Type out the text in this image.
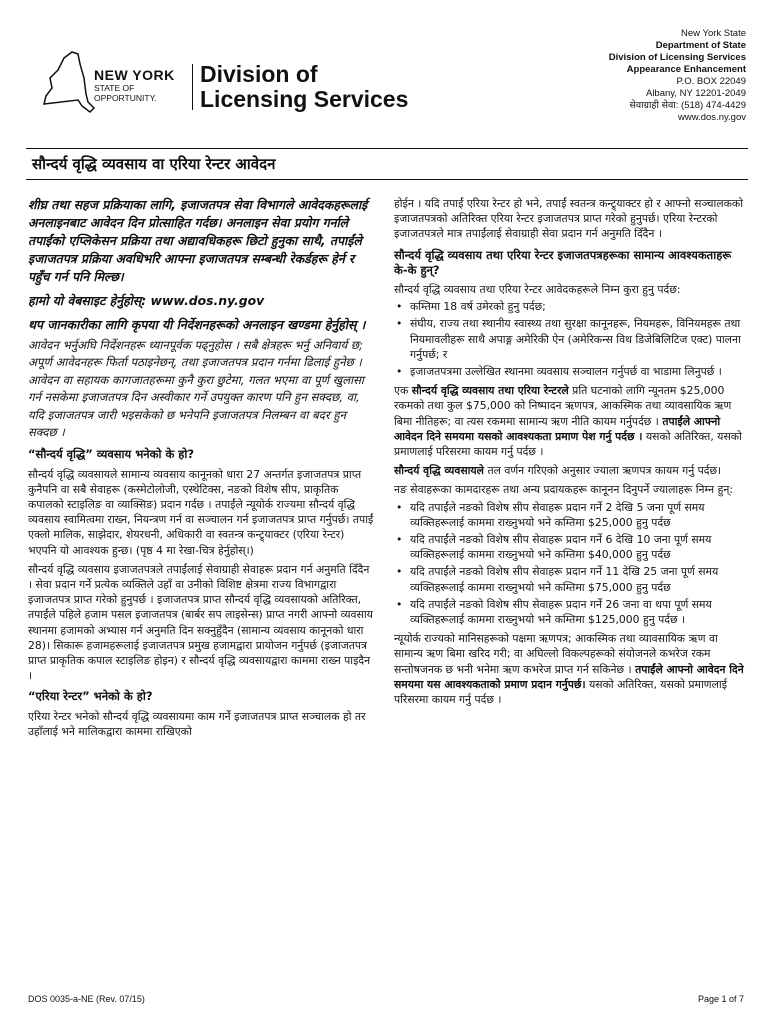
NEW YORK
STATE OF
OPPORTUNITY.
Division of
Licensing Services
New York State
Department of State
Division of Licensing Services
Appearance Enhancement
P.O. BOX 22049
Albany, NY 12201-2049
सेवाग्राही सेवा: (518) 474-4429
www.dos.ny.gov
सौन्दर्य वृद्धि व्यवसाय वा एरिया रेन्टर आवेदन
शीघ्र तथा सहज प्रक्रियाका लागि, इजाजतपत्र सेवा विभागले आवेदकहरूलाई अनलाइनबाट आवेदन दिन प्रोत्साहित गर्दछ। अनलाइन सेवा प्रयोग गर्नाले तपाईंको एप्लिकेसन प्रक्रिया तथा अद्यावधिकहरू छिटो हुनुका साथै, तपाईंले इजाजतपत्र प्रक्रिया अवधिभरि आफ्ना इजाजतपत्र सम्बन्धी रेकर्डहरू हेर्न र पहुँच गर्न पनि मिल्छ।
हामो यो वेबसाइट हेर्नुहोस्: www.dos.ny.gov
थप जानकारीका लागि कृपया यी निर्देशनहरूको अनलाइन खण्डमा हेर्नुहोस् ।
आवेदन भर्नुअघि निर्देशनहरू ध्यानपूर्वक पढ्नुहोस । सबै क्षेत्रहरू भर्नु अनिवार्य छ; अपूर्ण आवेदनहरू फिर्ता पठाइनेछन्, तथा इजाजतपत्र प्रदान गर्नमा ढिलाई हुनेछ । आवेदन वा सहायक कागजातहरूमा कुनै कुरा छुटेमा, गलत भएमा वा पूर्ण खुलासा गर्न नसकेमा इजाजतपत्र दिन अस्वीकार गर्ने उपयुक्त कारण पनि हुन सक्दछ, वा, यदि इजाजतपत्र जारी भइसकेको छ भनेपनि इजाजतपत्र निलम्बन वा बदर हुन सक्दछ ।
“सौन्दर्य वृद्धि” व्यवसाय भनेको के हो?
सौन्दर्य वृद्धि व्यवसायले सामान्य व्यवसाय कानूनको धारा 27 अन्तर्गत इजाजतपत्र प्राप्त कुनैपनि वा सबै सेवाहरू (कस्मेटोलोजी, एस्थेटिक्स, नङको विशेष सीप, प्राकृतिक कपालको स्टाइलिङ वा व्याक्सिङ) प्रदान गर्दछ । तपाईंले न्यूयोर्क राज्यमा सौन्दर्य वृद्धि व्यवसाय स्वामित्वमा राख्न, नियन्त्रण गर्न वा सञ्चालन गर्न इजाजतपत्र प्राप्त गर्नुपर्छ। तपाईं एक्लो मालिक, साझेदार, शेयरधनी, अधिकारी वा स्वतन्त्र कन्ट्र्याक्टर (एरिया रेन्टर) भएपनि यो आवश्यक हुन्छ। (पृष्ठ 4 मा रेखा-चित्र हेर्नुहोस्।)
सौन्दर्य वृद्धि व्यवसाय इजाजतपत्रले तपाईंलाई सेवाग्राही सेवाहरू प्रदान गर्न अनुमति दिँदैन । सेवा प्रदान गर्ने प्रत्येक व्यक्तिले उहाँ वा उनीको विशिष्ट क्षेत्रमा राज्य विभागद्वारा इजाजतपत्र प्राप्त गरेको हुनुपर्छ । इजाजतपत्र प्राप्त सौन्दर्य वृद्धि व्यवसायको अतिरिक्त, तपाईंले पहिले हजाम पसल इजाजतपत्र (बार्बर सप लाइसेन्स) प्राप्त नगरी आफ्नो व्यवसाय स्थानमा हजामको अभ्यास गर्न अनुमति दिन सक्नुहुँदैन (सामान्य व्यवसाय कानूनको धारा 28)। सिकारू हजामहरूलाई इजाजतपत्र प्रमुख हजामद्वारा प्रायोजन गर्नुपर्छ (इजाजतपत्र प्राप्त प्राकृतिक कपाल स्टाइलिङ होइन) र सौन्दर्य वृद्धि व्यवसायद्वारा काममा राख्न पाइदैन ।
“एरिया रेन्टर” भनेको के हो?
एरिया रेन्टर भनेको सौन्दर्य वृद्धि व्यवसायमा काम गर्ने इजाजतपत्र प्राप्त सञ्चालक हो तर उहाँलाई भने मालिकद्वारा काममा राखिएको
होईन । यदि तपाईं एरिया रेन्टर हो भने, तपाईं स्वतन्त्र कन्ट्र्याक्टर हो र आफ्नो सञ्चालकको इजाजतपत्रको अतिरिक्त एरिया रेन्टर इजाजतपत्र प्राप्त गरेको हुनुपर्छ। एरिया रेन्टरको इजाजतपत्रले मात्र तपाईंलाई सेवाग्राही सेवा प्रदान गर्न अनुमति दिँदैन ।
सौन्दर्य वृद्धि व्यवसाय तथा एरिया रेन्टर इजाजतपत्रहरूका सामान्य आवश्यकताहरू के-के हुन्?
सौन्दर्य वृद्धि व्यवसाय तथा एरिया रेन्टर आवेदकहरूले निम्न कुरा हुनु पर्दछ:
• कम्तिमा 18 वर्ष उमेरको हुनु पर्दछ;
• संघीय, राज्य तथा स्थानीय स्वास्थ्य तथा सुरक्षा कानूनहरू, नियमहरू, विनियमहरू तथा नियमावलीहरू साथै अपाङ्ग अमेरिकी ऐन (अमेरिकन्स विथ डिजेबिलिटिज एक्ट) पालना गर्नुपर्छ; र
• इजाजतपत्रमा उल्लेखित स्थानमा व्यवसाय सञ्चालन गर्नुपर्छ वा भाडामा लिनुपर्छ ।
एक सौन्दर्य वृद्धि व्यवसाय तथा एरिया रेन्टरले प्रति घटनाको लागि न्यूनतम $25,000 रकमको तथा कुल $75,000 को निष्पादन ऋणपत्र, आकस्मिक तथा व्यावसायिक ऋण बिमा नीतिहरू; वा त्यस रकममा सामान्य ऋण नीति कायम गर्नुपर्दछ । तपाईंले आफ्नो आवेदन दिने समयमा यसको आवश्यकता प्रमाण पेश गर्नु पर्दछ । यसको अतिरिक्त, यसको प्रमाणलाई परिसरमा कायम गर्नु पर्दछ ।
सौन्दर्य वृद्धि व्यवसायले तल वर्णन गरिएको अनुसार ज्याला ऋणपत्र कायम गर्नु पर्दछ।
नङ सेवाहरूका कामदारहरू तथा अन्य प्रदायकहरू कानूनन दिनुपर्ने ज्यालाहरू निम्न हुन्:
• यदि तपाईंले नङको विशेष सीप सेवाहरू प्रदान गर्ने 2 देखि 5 जना पूर्ण समय व्यक्तिहरूलाई काममा राख्नुभयो भने कम्तिमा $25,000 हुनु पर्दछ
• यदि तपाईंले नङको विशेष सीप सेवाहरू प्रदान गर्ने 6 देखि 10 जना पूर्ण समय व्यक्तिहरूलाई काममा राख्नुभयो भने कम्तिमा $40,000 हुनु पर्दछ
• यदि तपाईंले नङको विशेष सीप सेवाहरू प्रदान गर्ने 11 देखि 25 जना पूर्ण समय व्यक्तिहरूलाई काममा राख्नुभयो भने कम्तिमा $75,000 हुनु पर्दछ
• यदि तपाईंले नङको विशेष सीप सेवाहरू प्रदान गर्ने 26 जना वा थपा पूर्ण समय व्यक्तिहरूलाई काममा राख्नुभयो भने कम्तिमा $125,000 हुनु पर्दछ ।
न्यूयोर्क राज्यको मानिसहरूको पक्षमा ऋणपत्र; आकस्मिक तथा व्यावसायिक ऋण वा सामान्य ऋण बिमा खरिद गरी; वा अघिल्लो विकल्पहरूको संयोजनले कभरेज रकम सन्तोषजनक छ भनी भनेमा ऋण कभरेज प्राप्त गर्न सकिनेछ । तपाईंले आफ्नो आवेदन दिने समयमा यस आवश्यकताको प्रमाण प्रदान गर्नुपर्छ। यसको अतिरिक्त, यसको प्रमाणलाई परिसरमा कायम गर्नु पर्दछ ।
DOS 0035-a-NE (Rev. 07/15)	Page 1 of 7
